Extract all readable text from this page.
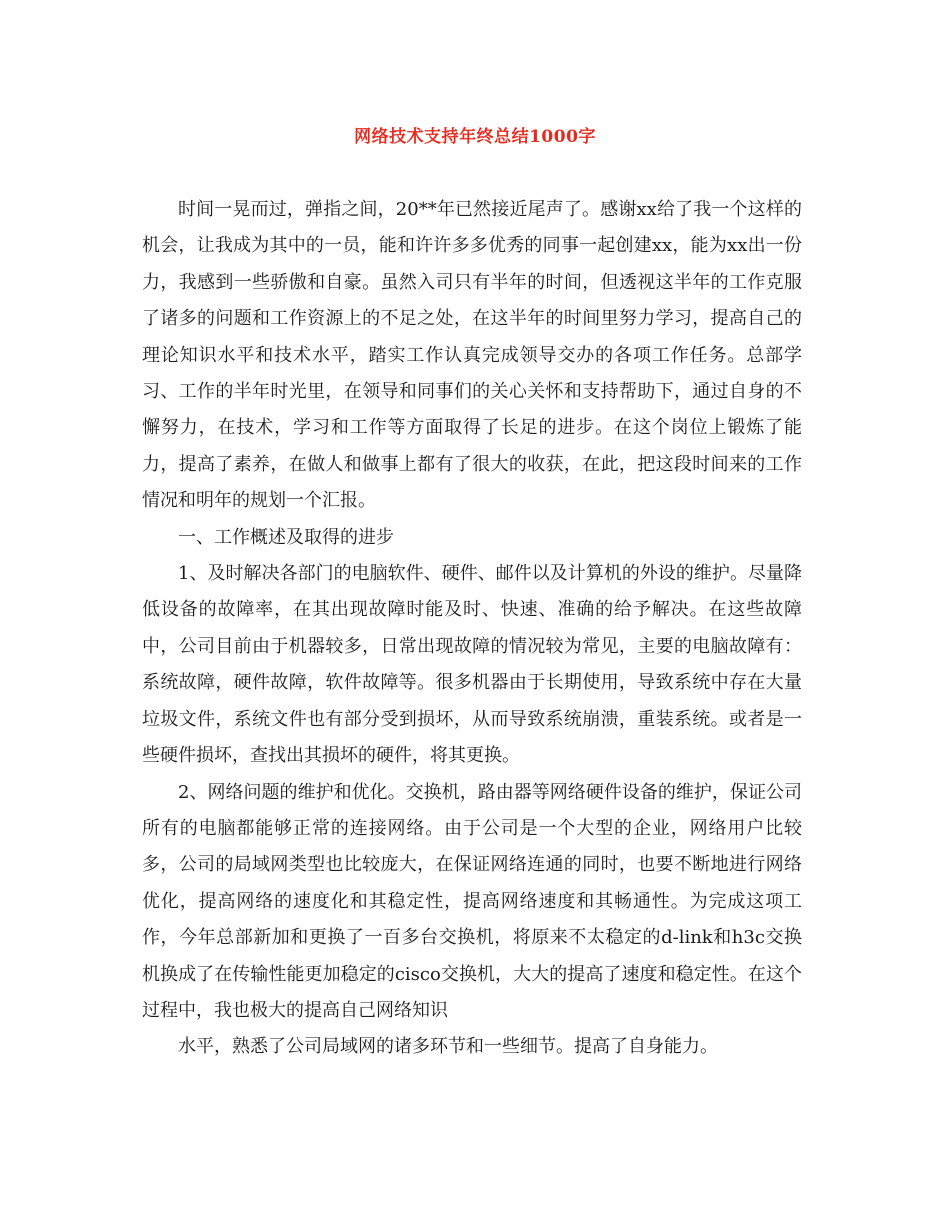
网络技术支持年终总结1000字

时间一晃而过，弹指之间，20**年已然接近尾声了。感谢xx给了我一个这样的机会，让我成为其中的一员，能和许许多多优秀的同事一起创建xx，能为xx出一份力，我感到一些骄傲和自豪。虽然入司只有半年的时间，但透视这半年的工作克服了诸多的问题和工作资源上的不足之处，在这半年的时间里努力学习，提高自己的理论知识水平和技术水平，踏实工作认真完成领导交办的各项工作任务。总部学习、工作的半年时光里，在领导和同事们的关心关怀和支持帮助下，通过自身的不懈努力，在技术，学习和工作等方面取得了长足的进步。在这个岗位上锻炼了能力，提高了素养，在做人和做事上都有了很大的收获，在此，把这段时间来的工作情况和明年的规划一个汇报。

一、工作概述及取得的进步

1、及时解决各部门的电脑软件、硬件、邮件以及计算机的外设的维护。尽量降低设备的故障率，在其出现故障时能及时、快速、准确的给予解决。在这些故障中，公司目前由于机器较多，日常出现故障的情况较为常见，主要的电脑故障有：系统故障，硬件故障，软件故障等。很多机器由于长期使用，导致系统中存在大量垃圾文件，系统文件也有部分受到损坏，从而导致系统崩溃，重装系统。或者是一些硬件损坏，查找出其损坏的硬件，将其更换。

2、网络问题的维护和优化。交换机，路由器等网络硬件设备的维护，保证公司所有的电脑都能够正常的连接网络。由于公司是一个大型的企业，网络用户比较多，公司的局域网类型也比较庞大，在保证网络连通的同时，也要不断地进行网络优化，提高网络的速度化和其稳定性，提高网络速度和其畅通性。为完成这项工作，今年总部新加和更换了一百多台交换机，将原来不太稳定的d-link和h3c交换机换成了在传输性能更加稳定的cisco交换机，大大的提高了速度和稳定性。在这个过程中，我也极大的提高自己网络知识

水平，熟悉了公司局域网的诸多环节和一些细节。提高了自身能力。
